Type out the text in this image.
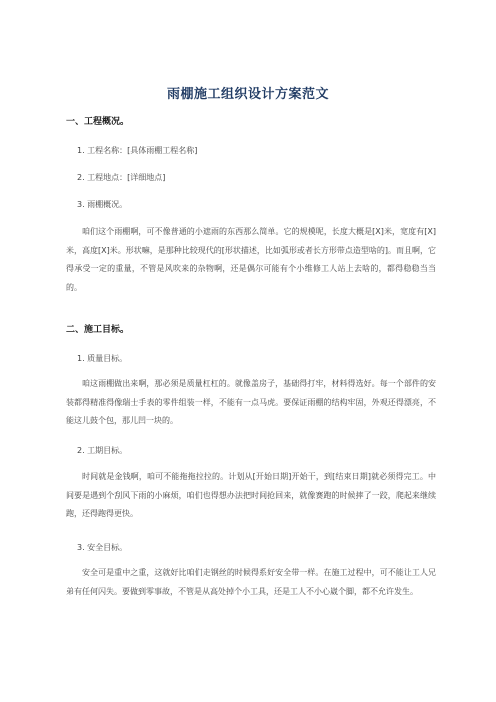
雨棚施工组织设计方案范文
一、工程概况。
1. 工程名称：[具体雨棚工程名称]
2. 工程地点：[详细地点]
3. 雨棚概况。

咱们这个雨棚啊，可不像普通的小遮雨的东西那么简单。它的规模呢，长度大概是[X]米，宽度有[X]米，高度[X]米。形状嘛，是那种比较现代的[形状描述，比如弧形或者长方形带点造型啥的]。而且啊，它得承受一定的重量，不管是风吹来的杂物啊，还是偶尔可能有个小维修工人站上去啥的，都得稳稳当当的。

二、施工目标。
1. 质量目标。

咱这雨棚做出来啊，那必须是质量杠杠的。就像盖房子，基础得打牢，材料得选好。每一个部件的安装都得精准得像瑞士手表的零件组装一样，不能有一点马虎。要保证雨棚的结构牢固，外观还得漂亮，不能这儿鼓个包，那儿凹一块的。

2. 工期目标。

时间就是金钱啊，咱可不能拖拖拉拉的。计划从[开始日期]开始干，到[结束日期]就必须得完工。中间要是遇到个刮风下雨的小麻烦，咱们也得想办法把时间抢回来，就像赛跑的时候摔了一跤，爬起来继续跑，还得跑得更快。

3. 安全目标。

安全可是重中之重，这就好比咱们走钢丝的时候得系好安全带一样。在施工过程中，可不能让工人兄弟有任何闪失。要做到零事故，不管是从高处掉个小工具，还是工人不小心崴个脚，都不允许发生。
